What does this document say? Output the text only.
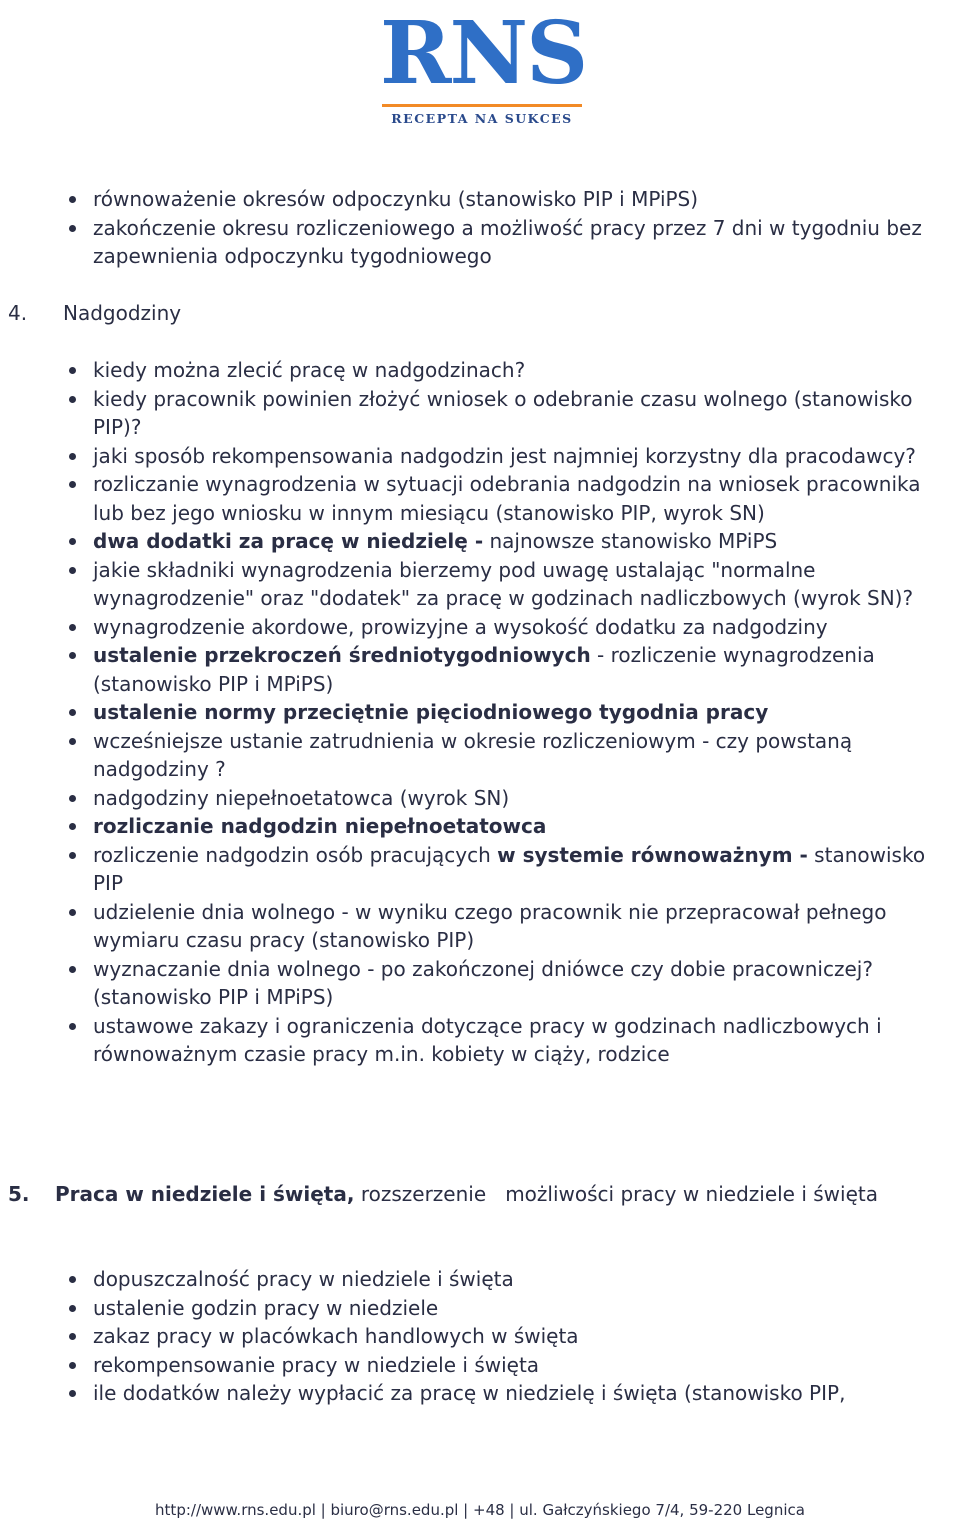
RNS
RECEPTA NA SUKCES
równoważenie okresów odpoczynku (stanowisko PIP i MPiPS)
zakończenie okresu rozliczeniowego a możliwość pracy przez 7 dni w tygodniu bez zapewnienia odpoczynku tygodniowego
4. Nadgodziny
kiedy można zlecić pracę w nadgodzinach?
kiedy pracownik powinien złożyć wniosek o odebranie czasu wolnego (stanowisko PIP)?
jaki sposób rekompensowania nadgodzin jest najmniej korzystny dla pracodawcy?
rozliczanie wynagrodzenia w sytuacji odebrania nadgodzin na wniosek pracownika lub bez jego wniosku w innym miesiącu (stanowisko PIP, wyrok SN)
dwa dodatki za pracę w niedzielę - najnowsze stanowisko MPiPS
jakie składniki wynagrodzenia bierzemy pod uwagę ustalając "normalne wynagrodzenie" oraz "dodatek" za pracę w godzinach nadliczbowych (wyrok SN)?
wynagrodzenie akordowe, prowizyjne a wysokość dodatku za nadgodziny
ustalenie przekroczeń średniotygodniowych - rozliczenie wynagrodzenia (stanowisko PIP i MPiPS)
ustalenie normy przeciętnie pięciodniowego tygodnia pracy
wcześniejsze ustanie zatrudnienia w okresie rozliczeniowym - czy powstaną nadgodziny ?
nadgodziny niepełnoetatowca (wyrok SN)
rozliczanie nadgodzin niepełnoetatowca
rozliczenie nadgodzin osób pracujących w systemie równoważnym - stanowisko PIP
udzielenie dnia wolnego - w wyniku czego pracownik nie przepracował pełnego wymiaru czasu pracy (stanowisko PIP)
wyznaczanie dnia wolnego - po zakończonej dniówce czy dobie pracowniczej? (stanowisko PIP i MPiPS)
ustawowe zakazy i ograniczenia dotyczące pracy w godzinach nadliczbowych i równoważnym czasie pracy m.in. kobiety w ciąży, rodzice
5. Praca w niedziele i święta, rozszerzenie   możliwości pracy w niedziele i święta
dopuszczalność pracy w niedziele i święta
ustalenie godzin pracy w niedziele
zakaz pracy w placówkach handlowych w święta
rekompensowanie pracy w niedziele i święta
ile dodatków należy wypłacić za pracę w niedzielę i święta (stanowisko PIP,
http://www.rns.edu.pl | biuro@rns.edu.pl | +48 | ul. Gałczyńskiego 7/4, 59-220 Legnica
